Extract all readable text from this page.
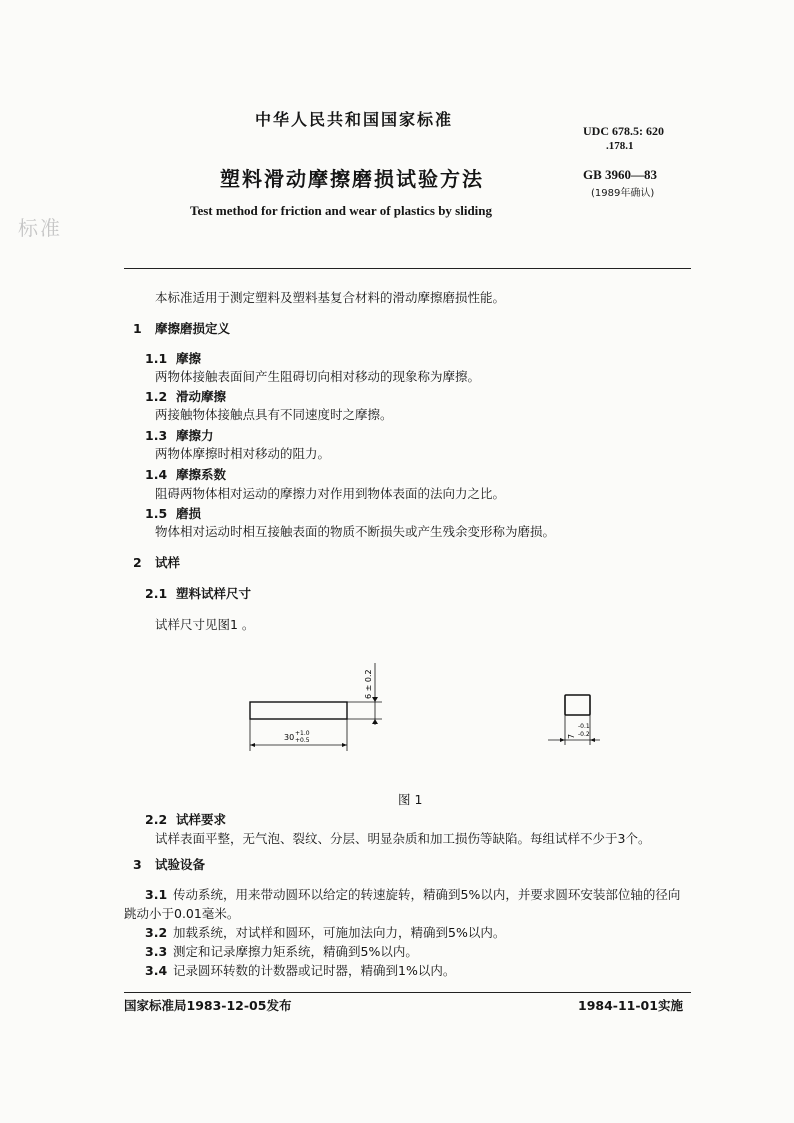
标准
中华人民共和国国家标准
塑料滑动摩擦磨损试验方法
Test method for friction and wear of plastics by sliding
UDC 678.5: 620
.178.1
GB 3960—83
(1989年确认)
本标准适用于测定塑料及塑料基复合材料的滑动摩擦磨损性能。
1 摩擦磨损定义
1.1 摩擦
两物体接触表面间产生阻碍切向相对移动的现象称为摩擦。
1.2 滑动摩擦
两接触物体接触点具有不同速度时之摩擦。
1.3 摩擦力
两物体摩擦时相对移动的阻力。
1.4 摩擦系数
阻碍两物体相对运动的摩擦力对作用到物体表面的法向力之比。
1.5 磨损
物体相对运动时相互接触表面的物质不断损失或产生残余变形称为磨损。
2 试样
2.1 塑料试样尺寸
试样尺寸见图1 。
6 ± 0.2
30 +1.0
+0.5
7
-0.1
-0.2
图 1
2.2 试样要求
试样表面平整，无气泡、裂纹、分层、明显杂质和加工损伤等缺陷。每组试样不少于3个。
3 试验设备
3.1 传动系统，用来带动圆环以给定的转速旋转，精确到5%以内，并要求圆环安装部位轴的径向
跳动小于0.01毫米。
3.2 加载系统，对试样和圆环，可施加法向力，精确到5%以内。
3.3 测定和记录摩擦力矩系统，精确到5%以内。
3.4 记录圆环转数的计数器或记时器，精确到1%以内。
国家标准局1983-12-05发布	1984-11-01实施
